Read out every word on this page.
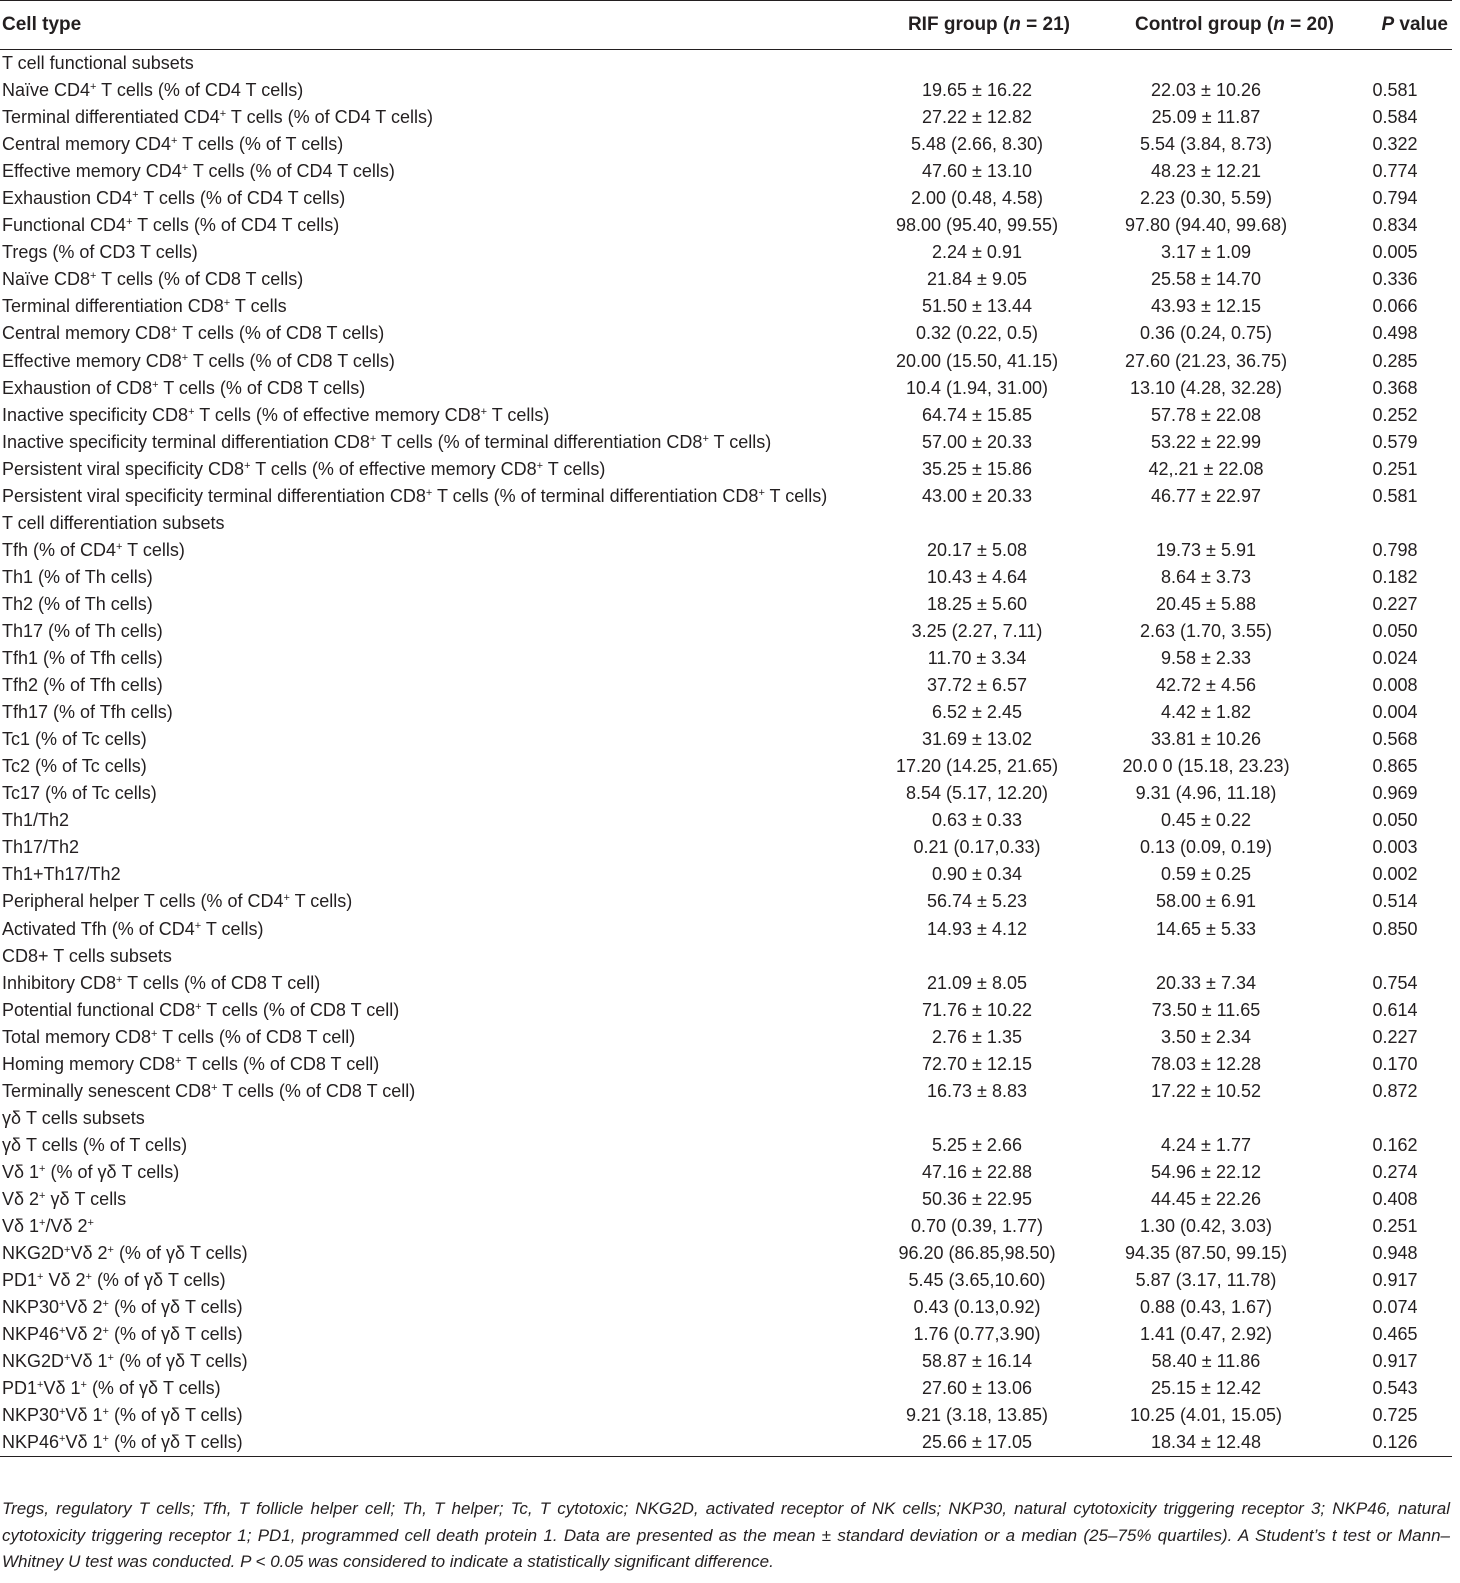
Cell type	RIF group (n = 21)	Control group (n = 20)	P value
T cell functional subsets			
Naïve CD4+ T cells (% of CD4 T cells)	19.65 ± 16.22	22.03 ± 10.26	0.581
Terminal differentiated CD4+ T cells (% of CD4 T cells)	27.22 ± 12.82	25.09 ± 11.87	0.584
Central memory CD4+ T cells (% of T cells)	5.48 (2.66, 8.30)	5.54 (3.84, 8.73)	0.322
Effective memory CD4+ T cells (% of CD4 T cells)	47.60 ± 13.10	48.23 ± 12.21	0.774
Exhaustion CD4+ T cells (% of CD4 T cells)	2.00 (0.48, 4.58)	2.23 (0.30, 5.59)	0.794
Functional CD4+ T cells (% of CD4 T cells)	98.00 (95.40, 99.55)	97.80 (94.40, 99.68)	0.834
Tregs (% of CD3 T cells)	2.24 ± 0.91	3.17 ± 1.09	0.005
Naïve CD8+ T cells (% of CD8 T cells)	21.84 ± 9.05	25.58 ± 14.70	0.336
Terminal differentiation CD8+ T cells	51.50 ± 13.44	43.93 ± 12.15	0.066
Central memory CD8+ T cells (% of CD8 T cells)	0.32 (0.22, 0.5)	0.36 (0.24, 0.75)	0.498
Effective memory CD8+ T cells (% of CD8 T cells)	20.00 (15.50, 41.15)	27.60 (21.23, 36.75)	0.285
Exhaustion of CD8+ T cells (% of CD8 T cells)	10.4 (1.94, 31.00)	13.10 (4.28, 32.28)	0.368
Inactive specificity CD8+ T cells (% of effective memory CD8+ T cells)	64.74 ± 15.85	57.78 ± 22.08	0.252
Inactive specificity terminal differentiation CD8+ T cells (% of terminal differentiation CD8+ T cells)	57.00 ± 20.33	53.22 ± 22.99	0.579
Persistent viral specificity CD8+ T cells (% of effective memory CD8+ T cells)	35.25 ± 15.86	42,.21 ± 22.08	0.251
Persistent viral specificity terminal differentiation CD8+ T cells (% of terminal differentiation CD8+ T cells)	43.00 ± 20.33	46.77 ± 22.97	0.581
T cell differentiation subsets			
Tfh (% of CD4+ T cells)	20.17 ± 5.08	19.73 ± 5.91	0.798
Th1 (% of Th cells)	10.43 ± 4.64	8.64 ± 3.73	0.182
Th2 (% of Th cells)	18.25 ± 5.60	20.45 ± 5.88	0.227
Th17 (% of Th cells)	3.25 (2.27, 7.11)	2.63 (1.70, 3.55)	0.050
Tfh1 (% of Tfh cells)	11.70 ± 3.34	9.58 ± 2.33	0.024
Tfh2 (% of Tfh cells)	37.72 ± 6.57	42.72 ± 4.56	0.008
Tfh17 (% of Tfh cells)	6.52 ± 2.45	4.42 ± 1.82	0.004
Tc1 (% of Tc cells)	31.69 ± 13.02	33.81 ± 10.26	0.568
Tc2 (% of Tc cells)	17.20 (14.25, 21.65)	20.0 0 (15.18, 23.23)	0.865
Tc17 (% of Tc cells)	8.54 (5.17, 12.20)	9.31 (4.96, 11.18)	0.969
Th1/Th2	0.63 ± 0.33	0.45 ± 0.22	0.050
Th17/Th2	0.21 (0.17,0.33)	0.13 (0.09, 0.19)	0.003
Th1+Th17/Th2	0.90 ± 0.34	0.59 ± 0.25	0.002
Peripheral helper T cells (% of CD4+ T cells)	56.74 ± 5.23	58.00 ± 6.91	0.514
Activated Tfh (% of CD4+ T cells)	14.93 ± 4.12	14.65 ± 5.33	0.850
CD8+ T cells subsets			
Inhibitory CD8+ T cells (% of CD8 T cell)	21.09 ± 8.05	20.33 ± 7.34	0.754
Potential functional CD8+ T cells (% of CD8 T cell)	71.76 ± 10.22	73.50 ± 11.65	0.614
Total memory CD8+ T cells (% of CD8 T cell)	2.76 ± 1.35	3.50 ± 2.34	0.227
Homing memory CD8+ T cells (% of CD8 T cell)	72.70 ± 12.15	78.03 ± 12.28	0.170
Terminally senescent CD8+ T cells (% of CD8 T cell)	16.73 ± 8.83	17.22 ± 10.52	0.872
γδ T cells subsets			
γδ T cells (% of T cells)	5.25 ± 2.66	4.24 ± 1.77	0.162
Vδ 1+ (% of γδ T cells)	47.16 ± 22.88	54.96 ± 22.12	0.274
Vδ 2+ γδ T cells	50.36 ± 22.95	44.45 ± 22.26	0.408
Vδ 1+/Vδ 2+	0.70 (0.39, 1.77)	1.30 (0.42, 3.03)	0.251
NKG2D+Vδ 2+ (% of γδ T cells)	96.20 (86.85,98.50)	94.35 (87.50, 99.15)	0.948
PD1+ Vδ 2+ (% of γδ T cells)	5.45 (3.65,10.60)	5.87 (3.17, 11.78)	0.917
NKP30+Vδ 2+ (% of γδ T cells)	0.43 (0.13,0.92)	0.88 (0.43, 1.67)	0.074
NKP46+Vδ 2+ (% of γδ T cells)	1.76 (0.77,3.90)	1.41 (0.47, 2.92)	0.465
NKG2D+Vδ 1+ (% of γδ T cells)	58.87 ± 16.14	58.40 ± 11.86	0.917
PD1+Vδ 1+ (% of γδ T cells)	27.60 ± 13.06	25.15 ± 12.42	0.543
NKP30+Vδ 1+ (% of γδ T cells)	9.21 (3.18, 13.85)	10.25 (4.01, 15.05)	0.725
NKP46+Vδ 1+ (% of γδ T cells)	25.66 ± 17.05	18.34 ± 12.48	0.126
Tregs, regulatory T cells; Tfh, T follicle helper cell; Th, T helper; Tc, T cytotoxic; NKG2D, activated receptor of NK cells; NKP30, natural cytotoxicity triggering receptor 3; NKP46, natural cytotoxicity triggering receptor 1; PD1, programmed cell death protein 1. Data are presented as the mean ± standard deviation or a median (25–75% quartiles). A Student’s t test or Mann–Whitney U test was conducted. P < 0.05 was considered to indicate a statistically significant difference.
